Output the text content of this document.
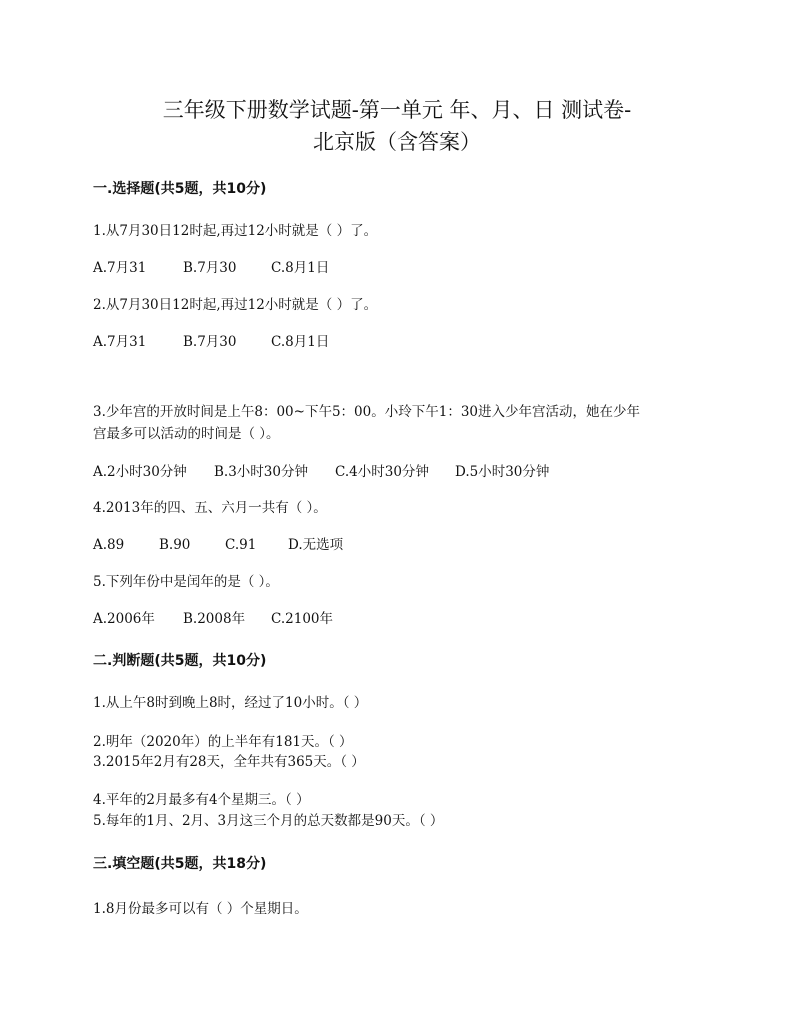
三年级下册数学试题-第一单元 年、月、日 测试卷-
北京版（含答案）
一.选择题(共5题，共10分)
1.从7月30日12时起,再过12小时就是（ ）了。
A.7月31	B.7月30	C.8月1日
2.从7月30日12时起,再过12小时就是（ ）了。
A.7月31	B.7月30	C.8月1日
3.少年宫的开放时间是上午8：00~下午5：00。小玲下午1：30进入少年宫活动，她在少年
宫最多可以活动的时间是（ ）。
A.2小时30分钟 B.3小时30分钟 C.4小时30分钟 D.5小时30分钟
4.2013年的四、五、六月一共有（ ）。
A.89	B.90	C.91 D.无选项
5.下列年份中是闰年的是（ ）。
A.2006年 B.2008年 C.2100年
二.判断题(共5题，共10分)
1.从上午8时到晚上8时，经过了10小时。（ ）
2.明年（2020年）的上半年有181天。（ ）
3.2015年2月有28天，全年共有365天。（ ）
4.平年的2月最多有4个星期三。（ ）
5.每年的1月、2月、3月这三个月的总天数都是90天。（ ）
三.填空题(共5题，共18分)
1.8月份最多可以有（ ）个星期日。
